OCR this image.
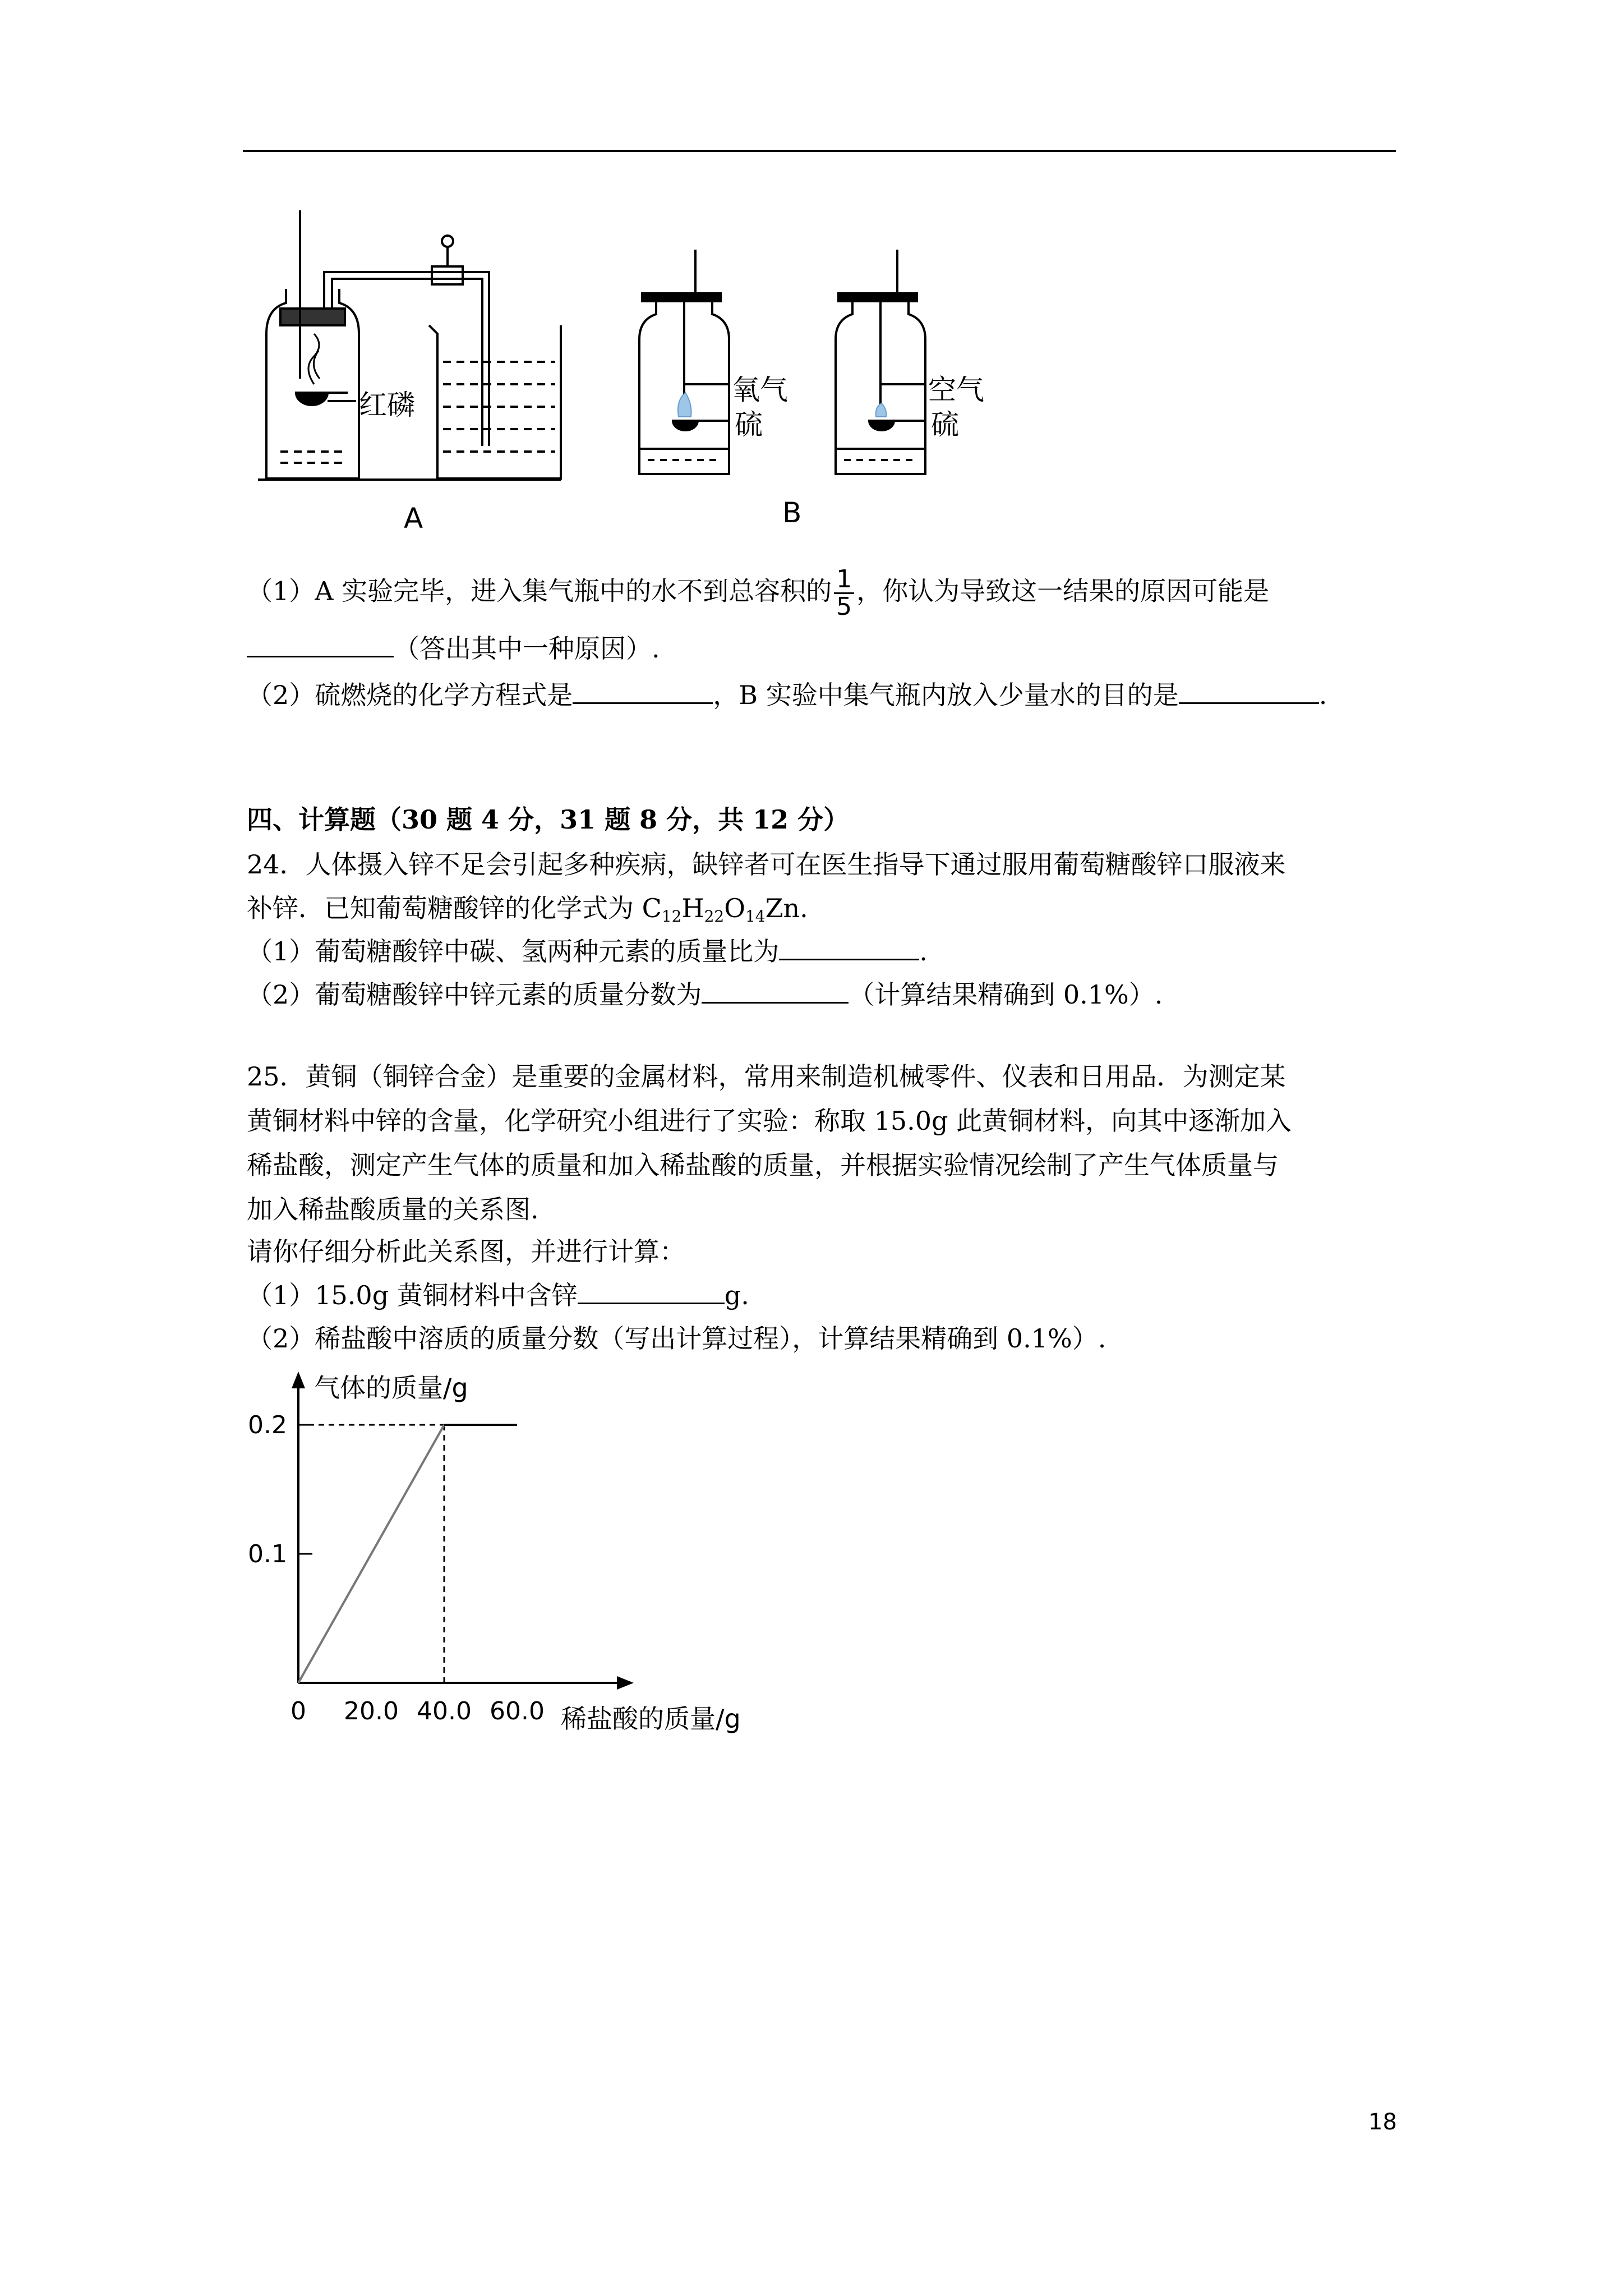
红磷	氧气
硫
空气
硫
A	B
（1）A 实验完毕，进入集气瓶中的水不到总容积的 $\frac{1}{5}$ ，你认为导致这一结果的原因可能是
（答出其中一种原因）.
（2）硫燃烧的化学方程式是	，B 实验中集气瓶内放入少量水的目的是	.
四、计算题（30 题 4 分，31 题 8 分，共 12 分）
24．人体摄入锌不足会引起多种疾病，缺锌者可在医生指导下通过服用葡萄糖酸锌口服液来
补锌．已知葡萄糖酸锌的化学式为 $C_{12}H_{22}O_{14}Zn$.
（1）葡萄糖酸锌中碳、氢两种元素的质量比为	.
（2）葡萄糖酸锌中锌元素的质量分数为	（计算结果精确到 0.1%）.
25．黄铜（铜锌合金）是重要的金属材料，常用来制造机械零件、仪表和日用品．为测定某
黄铜材料中锌的含量，化学研究小组进行了实验：称取 15.0g 此黄铜材料，向其中逐渐加入
稀盐酸，测定产生气体的质量和加入稀盐酸的质量，并根据实验情况绘制了产生气体质量与
加入稀盐酸质量的关系图.
请你仔细分析此关系图，并进行计算：
（1）15.0g 黄铜材料中含锌	g.
（2）稀盐酸中溶质的质量分数（写出计算过程），计算结果精确到 0.1%）.
气体的质量/g
稀盐酸的质量/g
0.1
0.2
0 20.0 40.0 60.0
18
